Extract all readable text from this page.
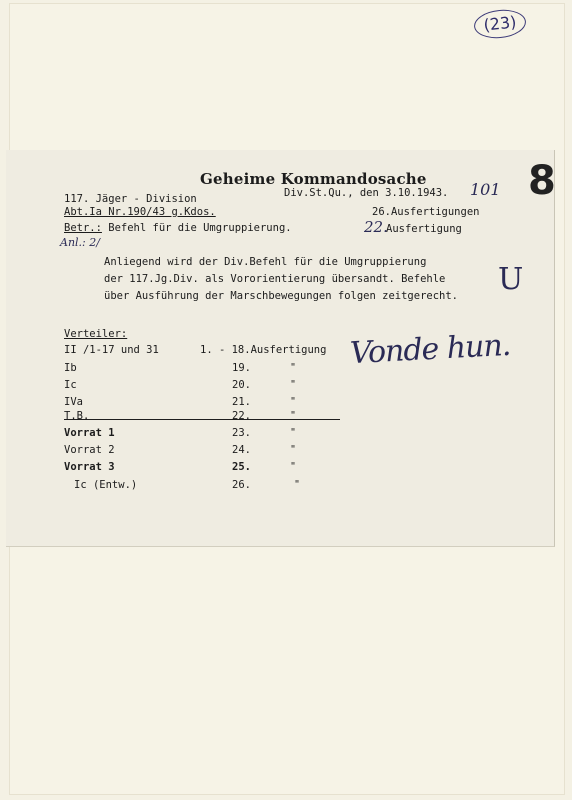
(23)
8
Geheime Kommandosache
117. Jäger - Division	Div.St.Qu., den 3.10.1943. 101
Abt.Ia Nr.190/43 g.Kdos.	26.Ausfertigungen
Betr.: Befehl für die Umgruppierung.	22.
Ausfertigung
Anl.: 2/
Anliegend wird der Div.Befehl für die Umgruppierung
der 117.Jg.Div. als Vororientierung übersandt. Befehle
über Ausführung der Marschbewegungen folgen zeitgerecht. U
Verteiler:
II /1-17 und 31	1. - 18.Ausfertigung
Ib	19.	"
Ic	20.	"
IVa	21.	"
T.B.	22.	"
Vorrat 1	23.	"
Vorrat 2	24.	"
Vorrat 3	25.	"
Ic (Entw.)	26.	"
Vonde hun.
